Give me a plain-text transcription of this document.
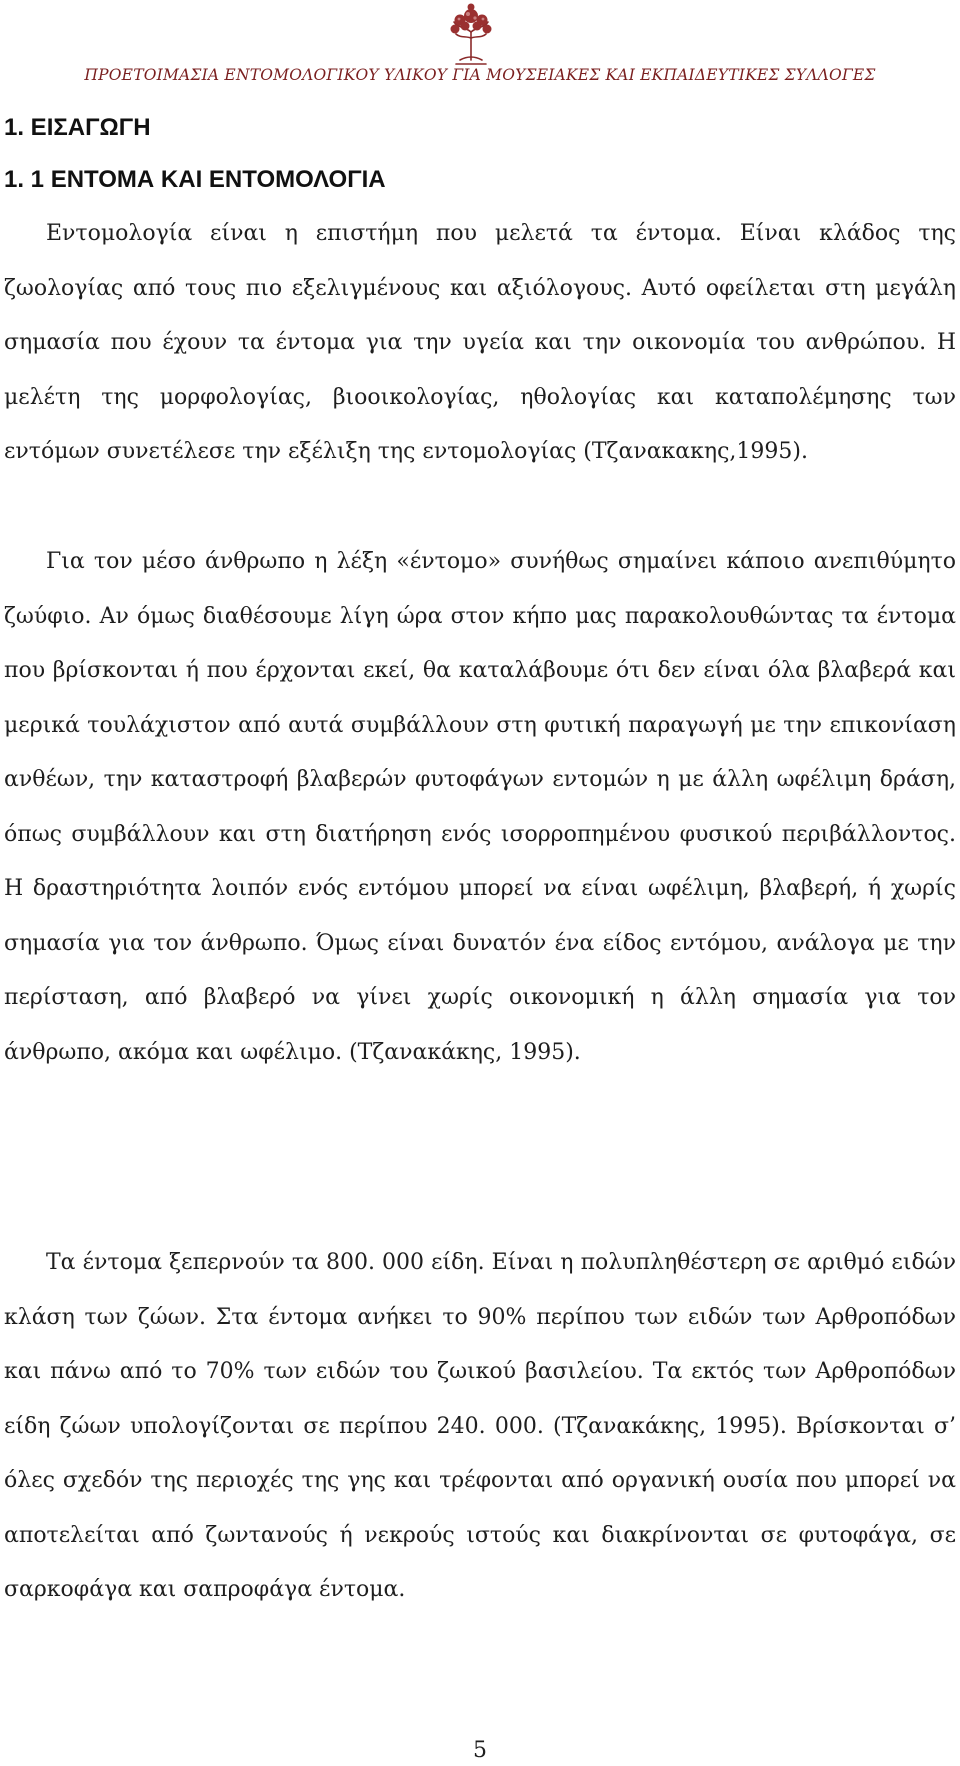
ΠΡΟΕΤΟΙΜΑΣΙΑ ΕΝΤΟΜΟΛΟΓΙΚΟΥ ΥΛΙΚΟΥ ΓΙΑ ΜΟΥΣΕΙΑΚΕΣ ΚΑΙ ΕΚΠΑΙΔΕΥΤΙΚΕΣ ΣΥΛΛΟΓΕΣ
1. ΕΙΣΑΓΩΓΗ
1. 1 ΕΝΤΟΜΑ ΚΑΙ ΕΝΤΟΜΟΛΟΓΙΑ

Εντομολογία είναι η επιστήμη που μελετά τα έντομα. Είναι κλάδος της ζωολογίας από τους πιο εξελιγμένους και αξιόλογους. Αυτό οφείλεται στη μεγάλη σημασία που έχουν τα έντομα για την υγεία και την οικονομία του ανθρώπου. Η μελέτη της μορφολογίας, βιοοικολογίας, ηθολογίας και καταπολέμησης των εντόμων συνετέλεσε την εξέλιξη της εντομολογίας (Τζανακακης,1995).

Για τον μέσο άνθρωπο η λέξη «έντομο» συνήθως σημαίνει κάποιο ανεπιθύμητο ζωύφιο. Αν όμως διαθέσουμε λίγη ώρα στον κήπο μας παρακολουθώντας τα έντομα που βρίσκονται ή που έρχονται εκεί, θα καταλάβουμε ότι δεν είναι όλα βλαβερά και μερικά τουλάχιστον από αυτά συμβάλλουν στη φυτική παραγωγή με την επικονίαση ανθέων, την καταστροφή βλαβερών φυτοφάγων εντομών η με άλλη ωφέλιμη δράση, όπως συμβάλλουν και στη διατήρηση ενός ισορροπημένου φυσικού περιβάλλοντος. Η δραστηριότητα λοιπόν ενός εντόμου μπορεί να είναι ωφέλιμη, βλαβερή, ή χωρίς σημασία για τον άνθρωπο. Όμως είναι δυνατόν ένα είδος εντόμου, ανάλογα με την περίσταση, από βλαβερό να γίνει χωρίς οικονομική η άλλη σημασία για τον άνθρωπο, ακόμα και ωφέλιμο. (Τζανακάκης, 1995).

Τα έντομα ξεπερνούν τα 800. 000 είδη. Είναι η πολυπληθέστερη σε αριθμό ειδών κλάση των ζώων. Στα έντομα ανήκει το 90% περίπου των ειδών των Αρθροπόδων και πάνω από το 70% των ειδών του ζωικού βασιλείου. Τα εκτός των Αρθροπόδων είδη ζώων υπολογίζονται σε περίπου 240. 000. (Τζανακάκης, 1995). Βρίσκονται σ’ όλες σχεδόν της περιοχές της γης και τρέφονται από οργανική ουσία που μπορεί να αποτελείται από ζωντανούς ή νεκρούς ιστούς και διακρίνονται σε φυτοφάγα, σε σαρκοφάγα και σαπροφάγα έντομα.

5
